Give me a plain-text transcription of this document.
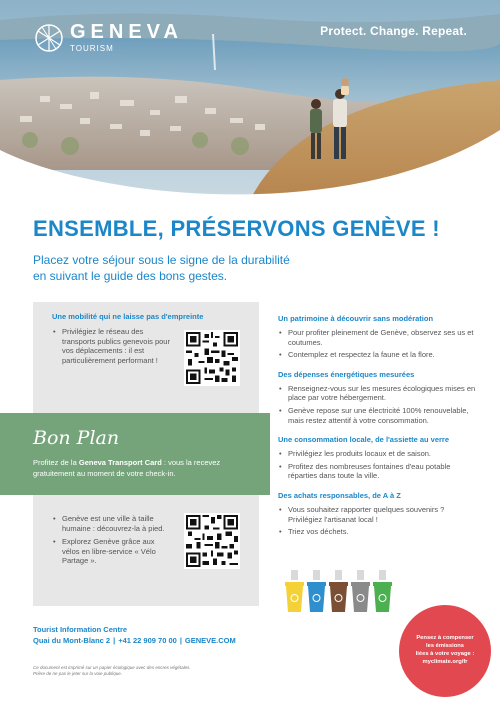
GENEVA
TOURISM
Protect. Change. Repeat.
ENSEMBLE, PRÉSERVONS GENÈVE !

Placez votre séjour sous le signe de la durabilité
en suivant le guide des bons gestes.

Une mobilité qui ne laisse pas d'empreinte
• Privilégiez le réseau des transports publics genevois pour vos déplacements : il est particulièrement performant !
Bon Plan

Profitez de la Geneva Transport Card : vous la recevez gratuitement au moment de votre check-in.

• Genève est une ville à taille humaine : découvrez-la à pied.
• Explorez Genève grâce aux vélos en libre-service « Vélo Partage ».
Un patrimoine à découvrir sans modération
• Pour profiter pleinement de Genève, observez ses us et coutumes.
• Contemplez et respectez la faune et la flore.
Des dépenses énergétiques mesurées
• Renseignez-vous sur les mesures écologiques mises en place par votre hébergement.
• Genève repose sur une électricité 100% renouvelable, mais restez attentif à votre consommation.
Une consommation locale, de l'assiette au verre
• Privilégiez les produits locaux et de saison.
• Profitez des nombreuses fontaines d'eau potable réparties dans toute la ville.
Des achats responsables, de A à Z
• Vous souhaitez rapporter quelques souvenirs ? Privilégiez l'artisanat local !
• Triez vos déchets.
Tourist Information Centre
Quai du Mont-Blanc 2 | +41 22 909 70 00 | GENEVE.COM
Ce document est imprimé sur un papier écologique avec des encres végétales.
Prière de ne pas le jeter sur la voie publique.
Pensez à compenser
les émissions
liées à votre voyage :
myclimate.org/fr
